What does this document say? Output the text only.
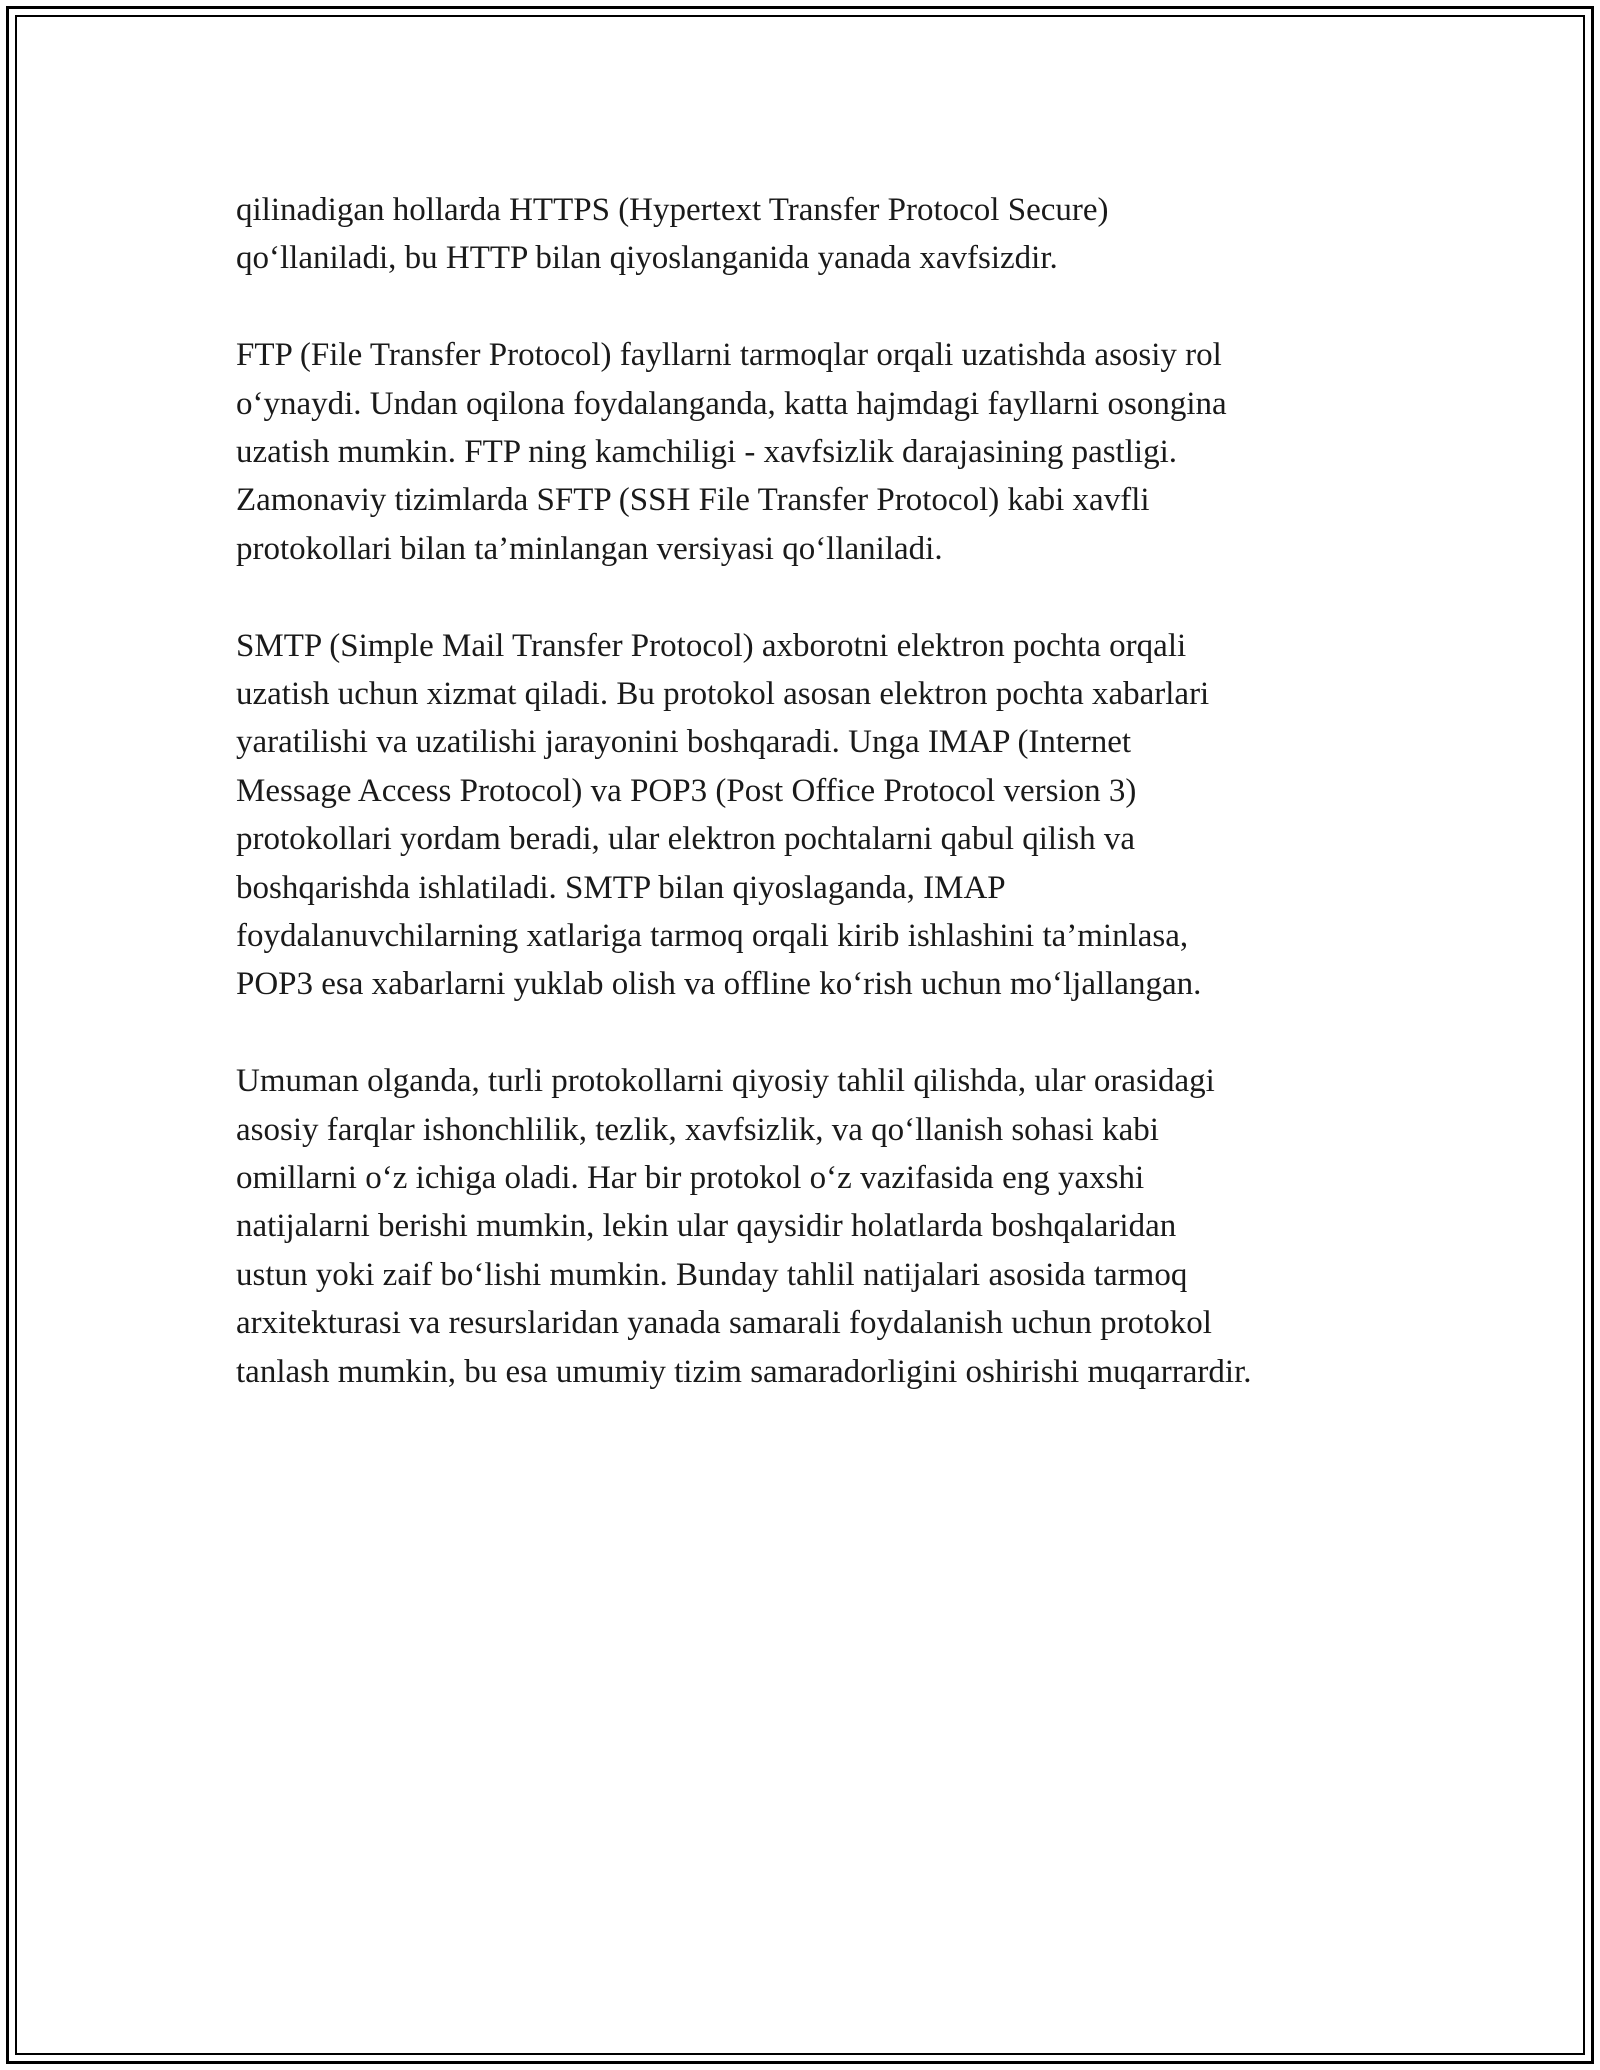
qilinadigan hollarda HTTPS (Hypertext Transfer Protocol Secure)
qo‘llaniladi, bu HTTP bilan qiyoslanganida yanada xavfsizdir.

FTP (File Transfer Protocol) fayllarni tarmoqlar orqali uzatishda asosiy rol
o‘ynaydi. Undan oqilona foydalanganda, katta hajmdagi fayllarni osongina
uzatish mumkin. FTP ning kamchiligi - xavfsizlik darajasining pastligi.
Zamonaviy tizimlarda SFTP (SSH File Transfer Protocol) kabi xavfli
protokollari bilan ta’minlangan versiyasi qo‘llaniladi.

SMTP (Simple Mail Transfer Protocol) axborotni elektron pochta orqali
uzatish uchun xizmat qiladi. Bu protokol asosan elektron pochta xabarlari
yaratilishi va uzatilishi jarayonini boshqaradi. Unga IMAP (Internet
Message Access Protocol) va POP3 (Post Office Protocol version 3)
protokollari yordam beradi, ular elektron pochtalarni qabul qilish va
boshqarishda ishlatiladi. SMTP bilan qiyoslaganda, IMAP
foydalanuvchilarning xatlariga tarmoq orqali kirib ishlashini ta’minlasa,
POP3 esa xabarlarni yuklab olish va offline ko‘rish uchun mo‘ljallangan.

Umuman olganda, turli protokollarni qiyosiy tahlil qilishda, ular orasidagi
asosiy farqlar ishonchlilik, tezlik, xavfsizlik, va qo‘llanish sohasi kabi
omillarni o‘z ichiga oladi. Har bir protokol o‘z vazifasida eng yaxshi
natijalarni berishi mumkin, lekin ular qaysidir holatlarda boshqalaridan
ustun yoki zaif bo‘lishi mumkin. Bunday tahlil natijalari asosida tarmoq
arxitekturasi va resurslaridan yanada samarali foydalanish uchun protokol
tanlash mumkin, bu esa umumiy tizim samaradorligini oshirishi muqarrardir.
